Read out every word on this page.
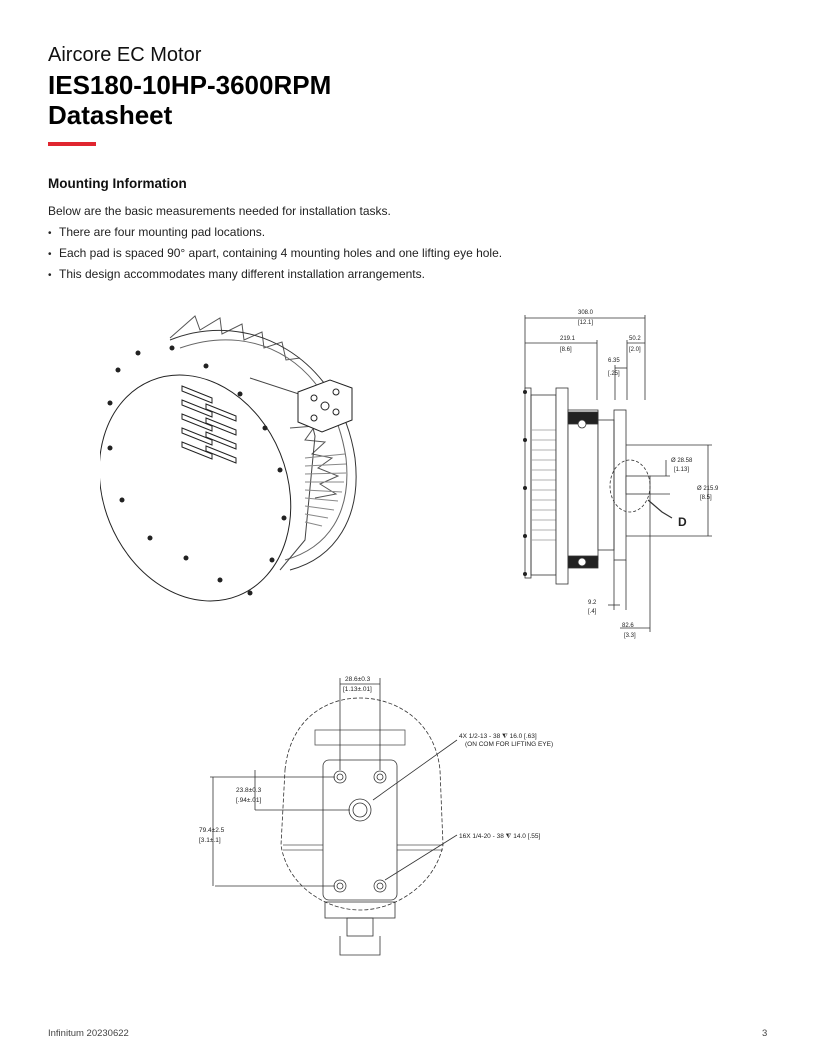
Aircore EC Motor
IES180-10HP-3600RPM
Datasheet
Mounting Information
Below are the basic measurements needed for installation tasks.
• There are four mounting pad locations.
• Each pad is spaced 90° apart, containing 4 mounting holes and one lifting eye hole.
• This design accommodates many different installation arrangements.
308.0
[12.1]
219.1
[8.6]
50.2
[2.0]
6.35
[.25]
Ø 28.58
[1.13]
Ø 215.9
[8.5]
9.2
[.4]
82.6
[3.3]
D
28.6±0.3
[1.13±.01]
23.8±0.3
[.94±.01]
79.4±2.5
[3.1±.1]
4X 1/2-13 - 38 ⧨ 16.0 [.63]
(ON COM FOR LIFTING EYE)
16X 1/4-20 - 38 ⧨ 14.0 [.55]
Infinitum 20230622	3
